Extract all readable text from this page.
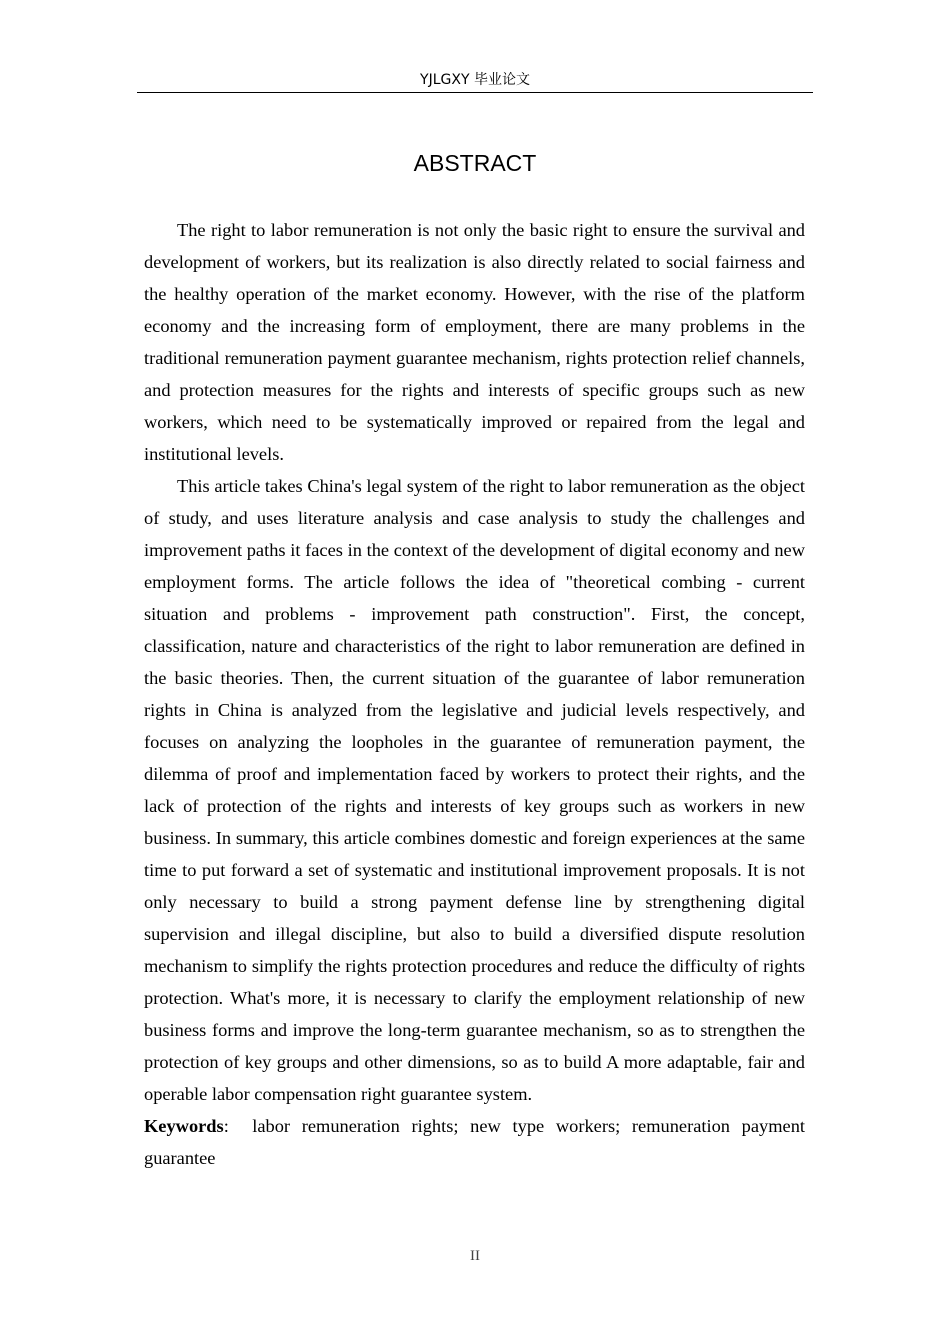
YJLGXY 毕业论文
ABSTRACT

The right to labor remuneration is not only the basic right to ensure the survival and development of workers, but its realization is also directly related to social fairness and the healthy operation of the market economy. However, with the rise of the platform economy and the increasing form of employment, there are many problems in the traditional remuneration payment guarantee mechanism, rights protection relief channels, and protection measures for the rights and interests of specific groups such as new workers, which need to be systematically improved or repaired from the legal and institutional levels.

This article takes China's legal system of the right to labor remuneration as the object of study, and uses literature analysis and case analysis to study the challenges and improvement paths it faces in the context of the development of digital economy and new employment forms. The article follows the idea of "theoretical combing - current situation and problems - improvement path construction". First, the concept, classification, nature and characteristics of the right to labor remuneration are defined in the basic theories. Then, the current situation of the guarantee of labor remuneration rights in China is analyzed from the legislative and judicial levels respectively, and focuses on analyzing the loopholes in the guarantee of remuneration payment, the dilemma of proof and implementation faced by workers to protect their rights, and the lack of protection of the rights and interests of key groups such as workers in new business. In summary, this article combines domestic and foreign experiences at the same time to put forward a set of systematic and institutional improvement proposals. It is not only necessary to build a strong payment defense line by strengthening digital supervision and illegal discipline, but also to build a diversified dispute resolution mechanism to simplify the rights protection procedures and reduce the difficulty of rights protection. What's more, it is necessary to clarify the employment relationship of new business forms and improve the long-term guarantee mechanism, so as to strengthen the protection of key groups and other dimensions, so as to build A more adaptable, fair and operable labor compensation right guarantee system.

Keywords: labor remuneration rights; new type workers; remuneration payment guarantee
II
